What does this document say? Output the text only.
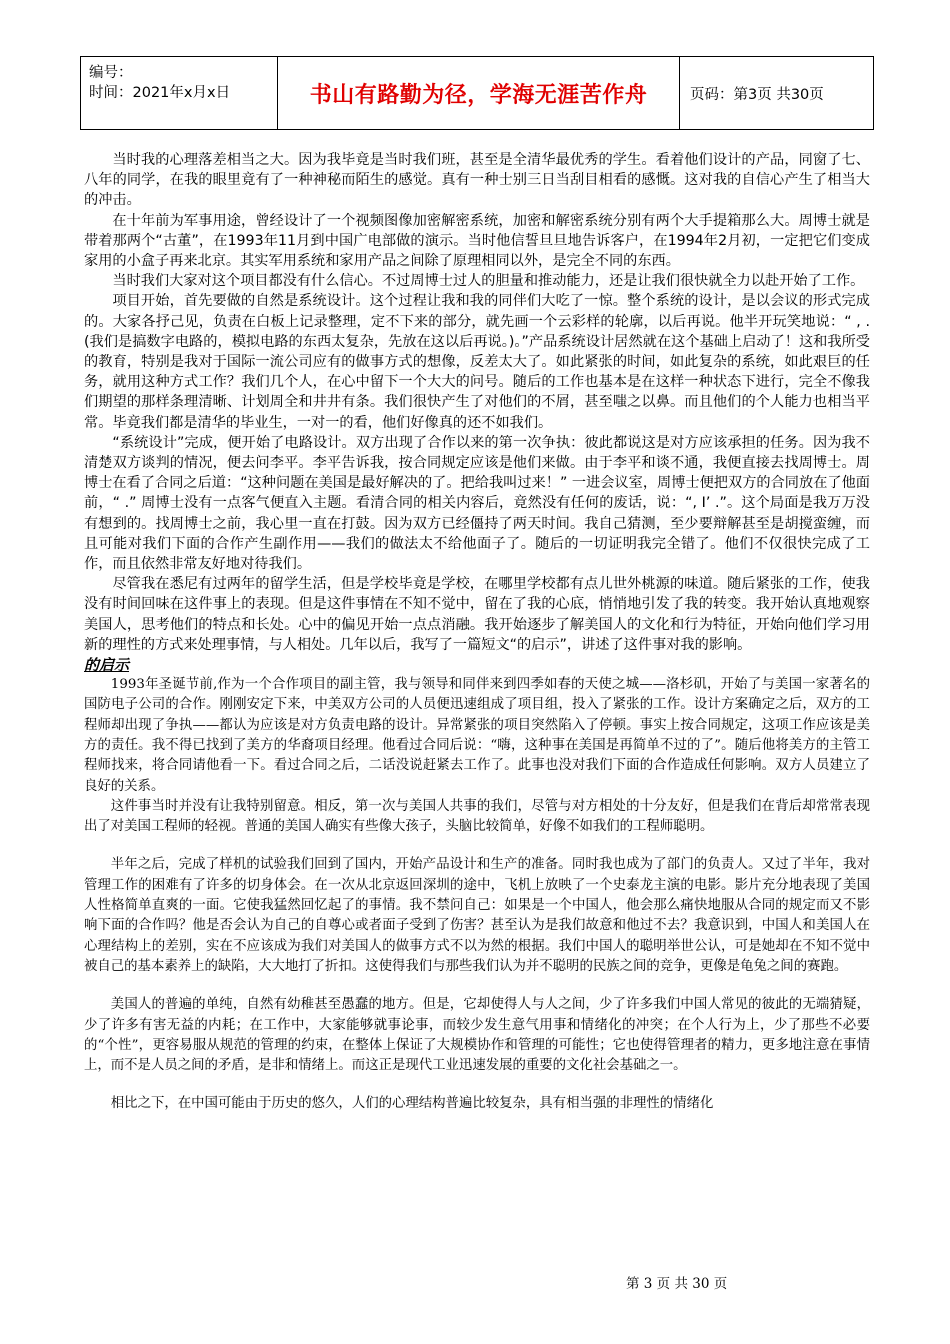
编号：
时间：2021年x月x日	书山有路勤为径，学海无涯苦作舟	页码：第3页 共30页

当时我的心理落差相当之大。因为我毕竟是当时我们班，甚至是全清华最优秀的学生。看着他们设计的产品，同窗了七、八年的同学，在我的眼里竟有了一种神秘而陌生的感觉。真有一种士别三日当刮目相看的感慨。这对我的自信心产生了相当大的冲击。

在十年前为军事用途，曾经设计了一个视频图像加密解密系统，加密和解密系统分别有两个大手提箱那么大。周博士就是带着那两个“古董”，在1993年11月到中国广电部做的演示。当时他信誓旦旦地告诉客户，在1994年2月初，一定把它们变成家用的小盒子再来北京。其实军用系统和家用产品之间除了原理相同以外，是完全不同的东西。

当时我们大家对这个项目都没有什么信心。不过周博士过人的胆量和推动能力，还是让我们很快就全力以赴开始了工作。

项目开始，首先要做的自然是系统设计。这个过程让我和我的同伴们大吃了一惊。整个系统的设计，是以会议的形式完成的。大家各抒己见，负责在白板上记录整理，定不下来的部分，就先画一个云彩样的轮廓，以后再说。他半开玩笑地说：“ , . (我们是搞数字电路的，模拟电路的东西太复杂，先放在这以后再说。)。”产品系统设计居然就在这个基础上启动了！这和我所受的教育，特别是我对于国际一流公司应有的做事方式的想像，反差太大了。如此紧张的时间，如此复杂的系统，如此艰巨的任务，就用这种方式工作？我们几个人，在心中留下一个大大的问号。随后的工作也基本是在这样一种状态下进行，完全不像我们期望的那样条理清晰、计划周全和井井有条。我们很快产生了对他们的不屑，甚至嗤之以鼻。而且他们的个人能力也相当平常。毕竟我们都是清华的毕业生，一对一的看，他们好像真的还不如我们。

“系统设计”完成，便开始了电路设计。双方出现了合作以来的第一次争执：彼此都说这是对方应该承担的任务。因为我不清楚双方谈判的情况，便去问李平。李平告诉我，按合同规定应该是他们来做。由于李平和谈不通，我便直接去找周博士。周博士在看了合同之后道：“这种问题在美国是最好解决的了。把给我叫过来！” 一进会议室，周博士便把双方的合同放在了他面前，“ .” 周博士没有一点客气便直入主题。看清合同的相关内容后，竟然没有任何的废话，说：“, I’ .”。这个局面是我万万没有想到的。找周博士之前，我心里一直在打鼓。因为双方已经僵持了两天时间。我自己猜测，至少要辩解甚至是胡搅蛮缠，而且可能对我们下面的合作产生副作用——我们的做法太不给他面子了。随后的一切证明我完全错了。他们不仅很快完成了工作，而且依然非常友好地对待我们。

尽管我在悉尼有过两年的留学生活，但是学校毕竟是学校，在哪里学校都有点儿世外桃源的味道。随后紧张的工作，使我没有时间回味在这件事上的表现。但是这件事情在不知不觉中，留在了我的心底，悄悄地引发了我的转变。我开始认真地观察美国人，思考他们的特点和长处。心中的偏见开始一点点消融。我开始逐步了解美国人的文化和行为特征，开始向他们学习用新的理性的方式来处理事情，与人相处。几年以后，我写了一篇短文“的启示”，讲述了这件事对我的影响。

的启示

1993年圣诞节前,作为一个合作项目的副主管，我与领导和同伴来到四季如春的天使之城——洛杉矶，开始了与美国一家著名的国防电子公司的合作。刚刚安定下来，中美双方公司的人员便迅速组成了项目组，投入了紧张的工作。设计方案确定之后，双方的工程师却出现了争执——都认为应该是对方负责电路的设计。异常紧张的项目突然陷入了停顿。事实上按合同规定，这项工作应该是美方的责任。我不得已找到了美方的华裔项目经理。他看过合同后说：“嗨，这种事在美国是再简单不过的了”。随后他将美方的主管工程师找来，将合同请他看一下。看过合同之后，二话没说赶紧去工作了。此事也没对我们下面的合作造成任何影响。双方人员建立了良好的关系。

这件事当时并没有让我特别留意。相反，第一次与美国人共事的我们，尽管与对方相处的十分友好，但是我们在背后却常常表现出了对美国工程师的轻视。普通的美国人确实有些像大孩子，头脑比较简单，好像不如我们的工程师聪明。

半年之后，完成了样机的试验我们回到了国内，开始产品设计和生产的准备。同时我也成为了部门的负责人。又过了半年，我对管理工作的困难有了许多的切身体会。在一次从北京返回深圳的途中，飞机上放映了一个史泰龙主演的电影。影片充分地表现了美国人性格简单直爽的一面。它使我猛然回忆起了的事情。我不禁问自己：如果是一个中国人，他会那么痛快地服从合同的规定而又不影响下面的合作吗？他是否会认为自己的自尊心或者面子受到了伤害？甚至认为是我们故意和他过不去？我意识到，中国人和美国人在心理结构上的差别，实在不应该成为我们对美国人的做事方式不以为然的根据。我们中国人的聪明举世公认，可是她却在不知不觉中被自己的基本素养上的缺陷，大大地打了折扣。这使得我们与那些我们认为并不聪明的民族之间的竞争，更像是龟兔之间的赛跑。

美国人的普遍的单纯，自然有幼稚甚至愚蠢的地方。但是，它却使得人与人之间，少了许多我们中国人常见的彼此的无端猜疑，少了许多有害无益的内耗；在工作中，大家能够就事论事，而较少发生意气用事和情绪化的冲突；在个人行为上，少了那些不必要的“个性”，更容易服从规范的管理的约束，在整体上保证了大规模协作和管理的可能性；它也使得管理者的精力，更多地注意在事情上，而不是人员之间的矛盾，是非和情绪上。而这正是现代工业迅速发展的重要的文化社会基础之一。

相比之下，在中国可能由于历史的悠久，人们的心理结构普遍比较复杂，具有相当强的非理性的情绪化

第 3 页 共 30 页
